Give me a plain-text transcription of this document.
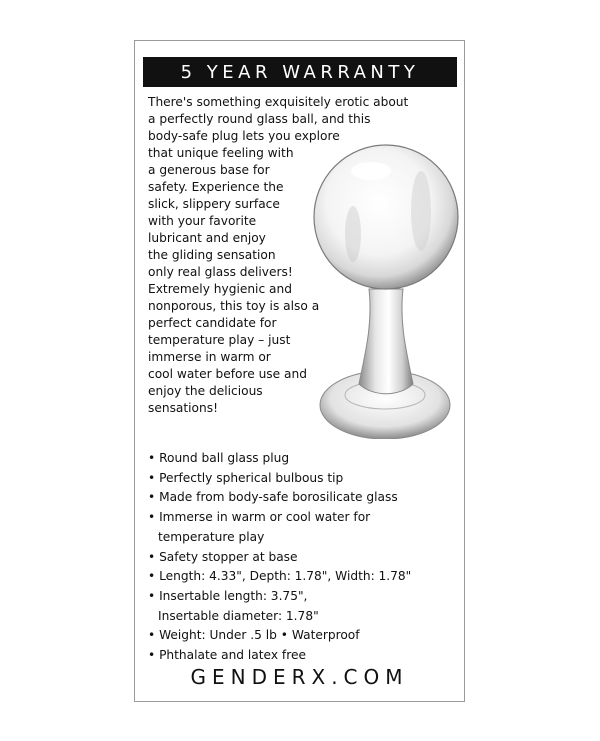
5 YEAR WARRANTY
There's something exquisitely erotic about
a perfectly round glass ball, and this
body-safe plug lets you explore
that unique feeling with
a generous base for
safety. Experience the
slick, slippery surface
with your favorite
lubricant and enjoy
the gliding sensation
only real glass delivers!
Extremely hygienic and
nonporous, this toy is also a
perfect candidate for
temperature play – just
immerse in warm or
cool water before use and
enjoy the delicious
sensations!
• Round ball glass plug
• Perfectly spherical bulbous tip
• Made from body-safe borosilicate glass
• Immerse in warm or cool water for
temperature play
• Safety stopper at base
• Length: 4.33", Depth: 1.78", Width: 1.78"
• Insertable length: 3.75",
Insertable diameter: 1.78"
• Weight: Under .5 lb • Waterproof
• Phthalate and latex free
GENDERX.COM
